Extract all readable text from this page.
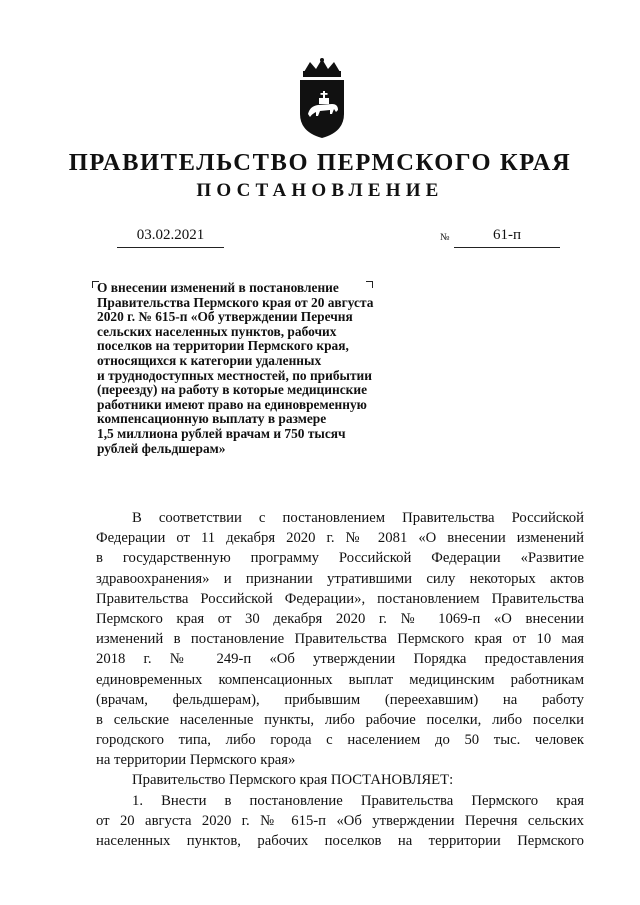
ПРАВИТЕЛЬСТВО ПЕРМСКОГО КРАЯ
ПОСТАНОВЛЕНИЕ
03.02.2021	№	61-п
О внесении изменений в постановление
Правительства Пермского края от 20 августа
2020 г. № 615-п «Об утверждении Перечня
сельских населенных пунктов, рабочих
поселков на территории Пермского края,
относящихся к категории удаленных
и труднодоступных местностей, по прибытии
(переезду) на работу в которые медицинские
работники имеют право на единовременную
компенсационную выплату в размере
1,5 миллиона рублей врачам и 750 тысяч
рублей фельдшерам»
В соответствии с постановлением Правительства Российской
Федерации от 11 декабря 2020 г. № 2081 «О внесении изменений
в государственную программу Российской Федерации «Развитие
здравоохранения» и признании утратившими силу некоторых актов
Правительства Российской Федерации», постановлением Правительства
Пермского края от 30 декабря 2020 г. № 1069-п «О внесении
изменений в постановление Правительства Пермского края от 10 мая
2018 г. № 249-п «Об утверждении Порядка предоставления
единовременных компенсационных выплат медицинским работникам
(врачам, фельдшерам), прибывшим (переехавшим) на работу
в сельские населенные пункты, либо рабочие поселки, либо поселки
городского типа, либо города с населением до 50 тыс. человек
на территории Пермского края»
Правительство Пермского края ПОСТАНОВЛЯЕТ:
1. Внести в постановление Правительства Пермского края
от 20 августа 2020 г. № 615-п «Об утверждении Перечня сельских
населенных пунктов, рабочих поселков на территории Пермского
